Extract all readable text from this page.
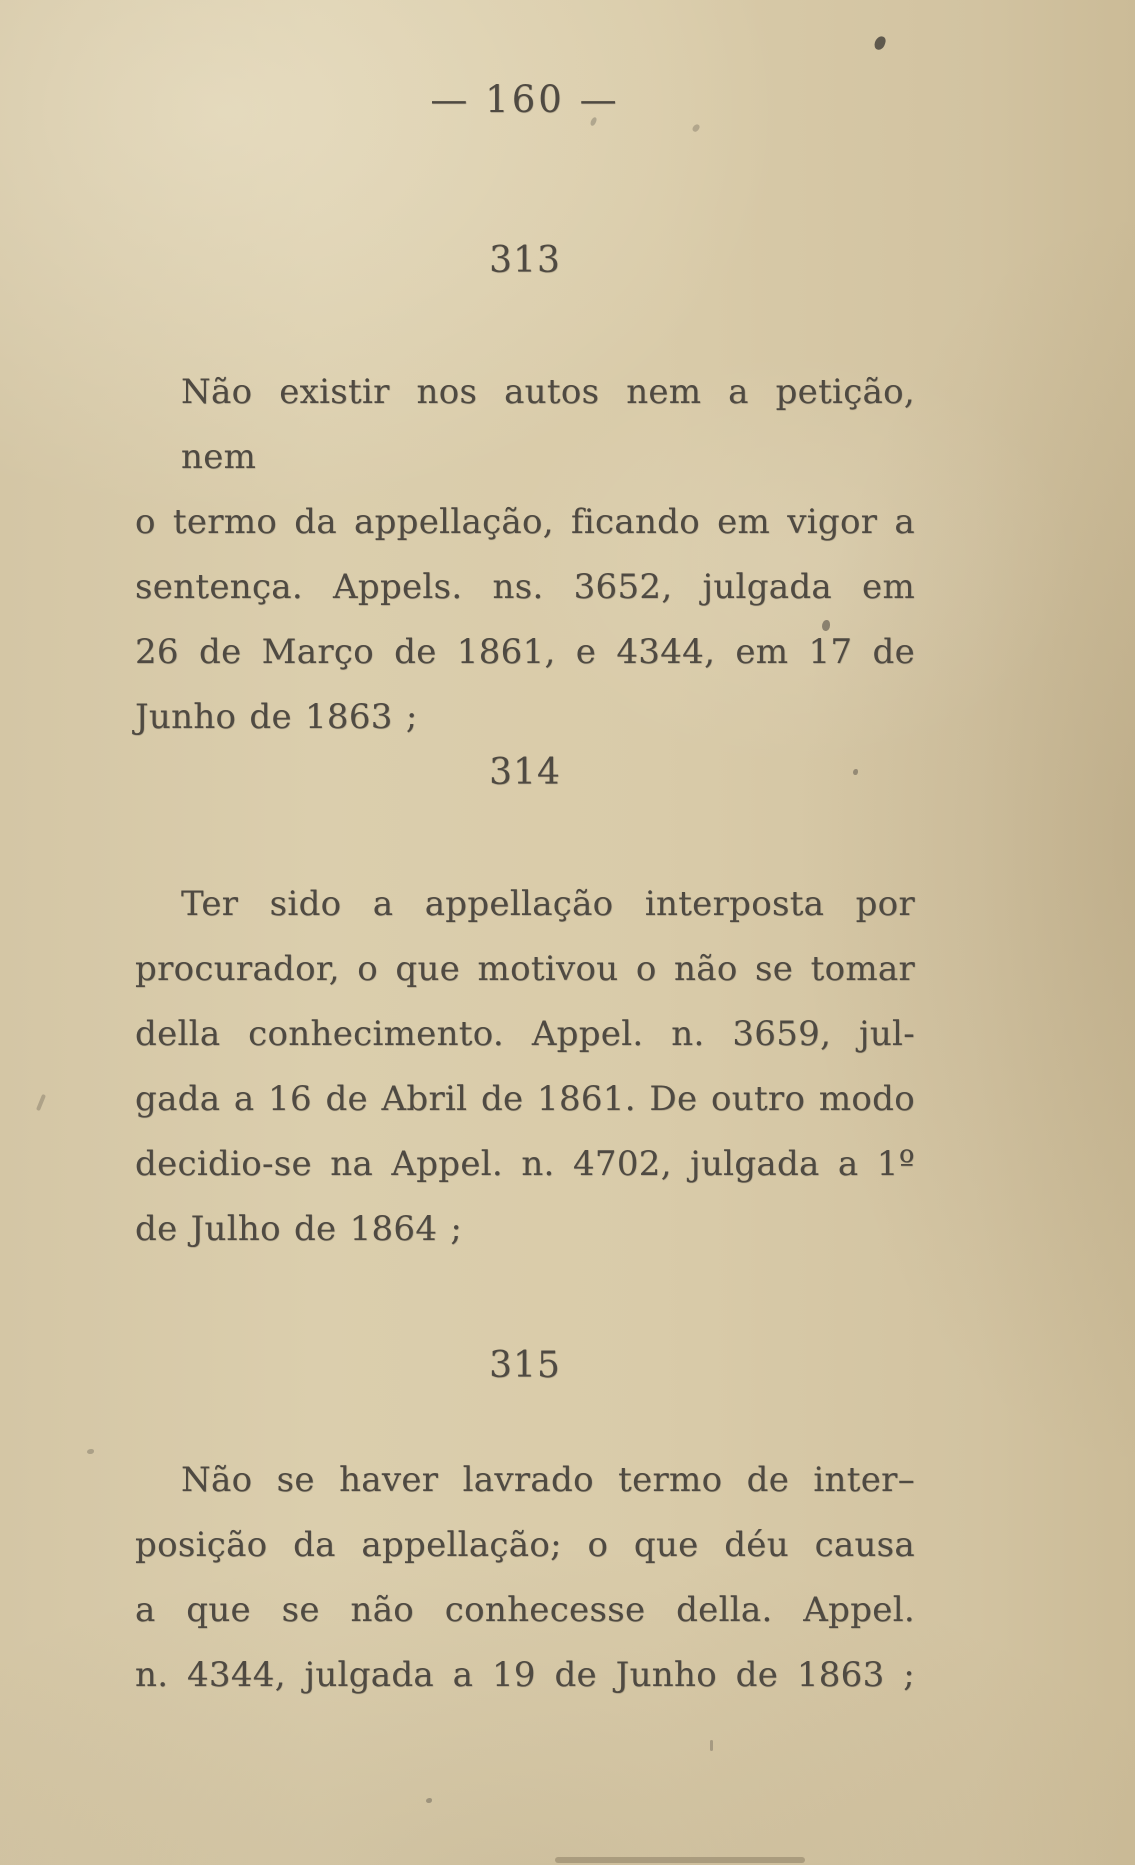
— 160 —
313
Não existir nos autos nem a petição, nem
o termo da appellação, ficando em vigor a
sentença. Appels. ns. 3652, julgada em
26 de Março de 1861, e 4344, em 17 de
Junho de 1863 ;
314
Ter sido a appellação interposta por
procurador, o que motivou o não se tomar
della conhecimento. Appel. n. 3659, jul-
gada a 16 de Abril de 1861. De outro modo
decidio-se na Appel. n. 4702, julgada a 1º
de Julho de 1864 ;
315
Não se haver lavrado termo de inter–
posição da appellação; o que déu causa
a que se não conhecesse della. Appel.
n. 4344, julgada a 19 de Junho de 1863 ;
